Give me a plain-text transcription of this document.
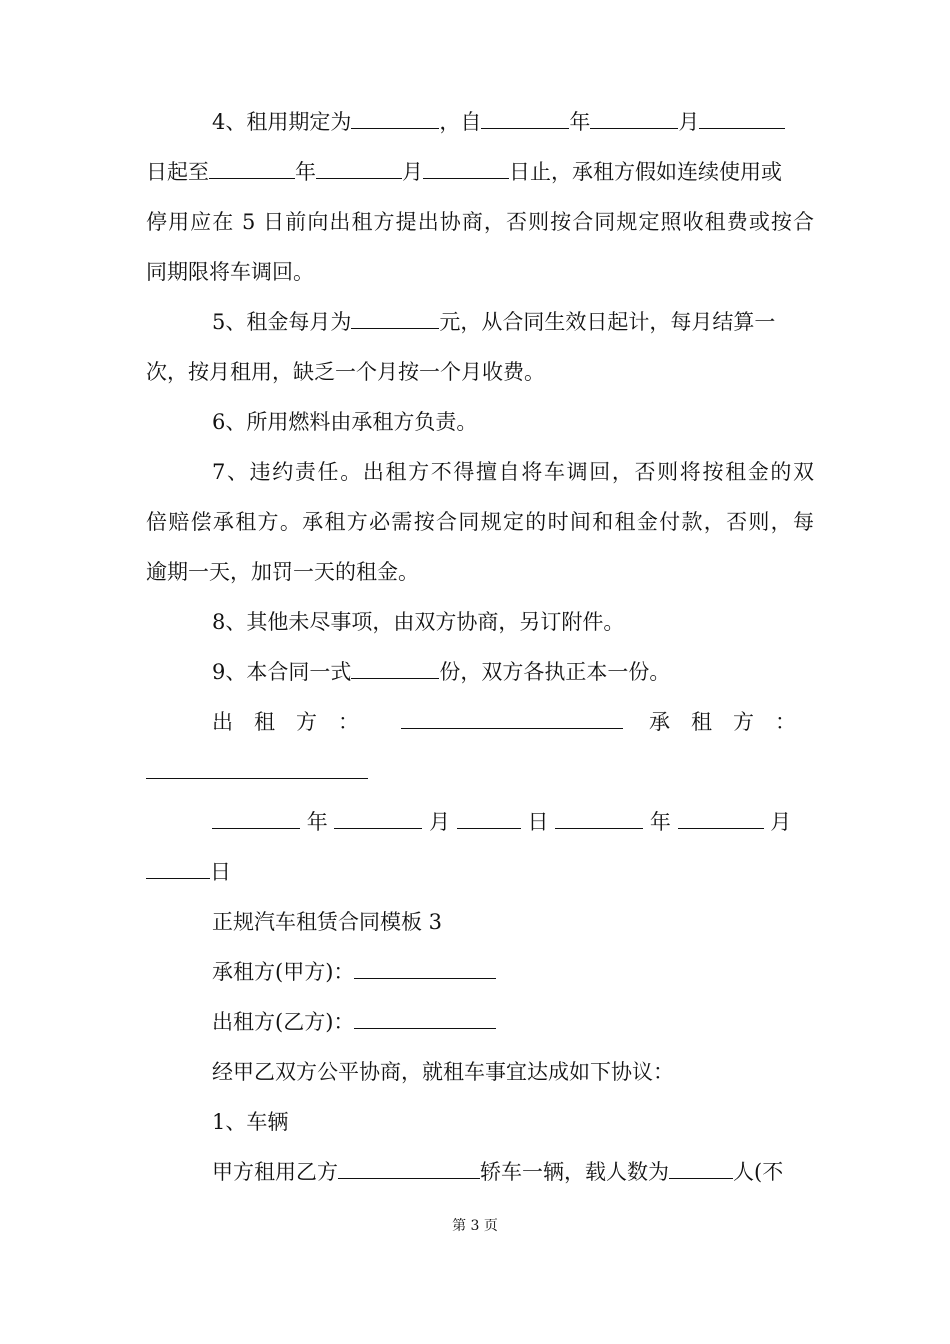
4、租用期定为	，自	年	月
日起至	年	月	日止，承租方假如连续使用或
停用应在 5 日前向出租方提出协商，否则按合同规定照收租费或按合
同期限将车调回。
5、租金每月为	元，从合同生效日起计，每月结算一
次，按月租用，缺乏一个月按一个月收费。
6、所用燃料由承租方负责。
7、违约责任。出租方不得擅自将车调回，否则将按租金的双
倍赔偿承租方。承租方必需按合同规定的时间和租金付款，否则，每
逾期一天，加罚一天的租金。
8、其他未尽事项，由双方协商，另订附件。
9、本合同一式	份，双方各执正本一份。
出　租　方　：	承　租　方　：
年	月	日	年	月
日
正规汽车租赁合同模板 3
承租方(甲方)：
出租方(乙方)：
经甲乙双方公平协商，就租车事宜达成如下协议：
1、车辆
甲方租用乙方	轿车一辆，载人数为	人(不
第 3 页
